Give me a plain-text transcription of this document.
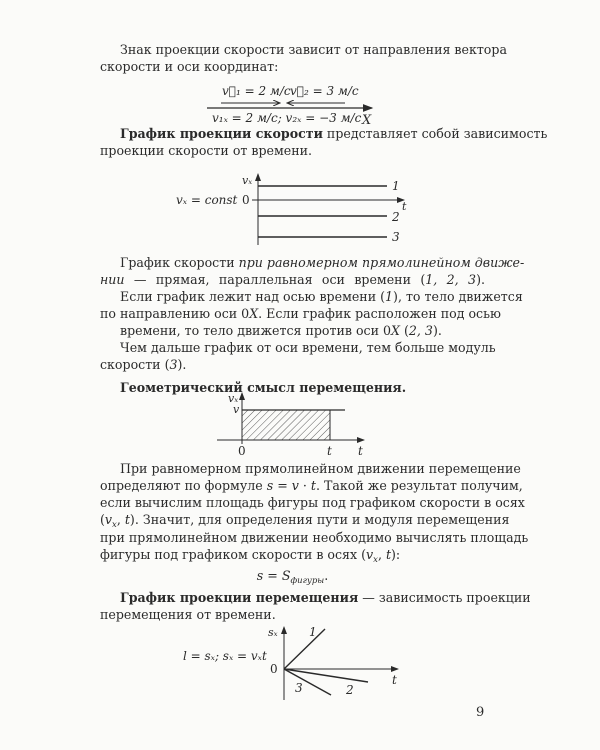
Знак проекции скорости зависит от направления вектора
скорости и оси координат:
График проекции скорости представляет собой зависимость
проекции скорости от времени.
График скорости при равномерном прямолинейном движе-
нии — прямая, параллельная оси времени (1, 2, 3).
Если график лежит над осью времени (1), то тело движется
по направлению оси 0X. Если график расположен под осью
времени, то тело движется против оси 0X (2, 3).
Чем дальше график от оси времени, тем больше модуль
скорости (3).
Геометрический смысл перемещения.
При равномерном прямолинейном движении перемещение
определяют по формуле s = v · t. Такой же результат получим,
если вычислим площадь фигуры под графиком скорости в осях
($v_x$, t). Значит, для определения пути и модуля перемещения
при прямолинейном движении необходимо вычислять площадь
фигуры под графиком скорости в осях ($v_x$, t):
$s = S_{фигуры}$.
График проекции перемещения — зависимость проекции
перемещения от времени.
v⃗₁ = 2 м/с v⃗₂ = 3 м/с
v₁ₓ = 2 м/с; v₂ₓ = −3 м/с X
vₓ
vₓ = const 0	t
1
2
3
vₓ
v
0	t t
sₓ
l = sₓ; sₓ = vₓt
0
t
1
2
3
9
